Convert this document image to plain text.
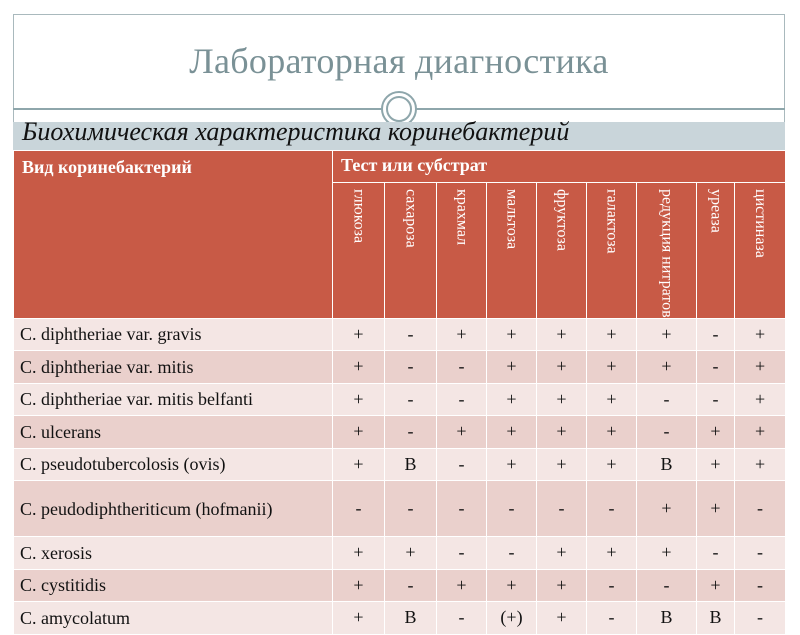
Лабораторная диагностика
Биохимическая характеристика коринебактерий
Вид коринебактерий	Тест или субстрат								

	глюкоза	сахароза	крахмал	мальтоза	фруктоза	галактоза	редукция нитратов	уреаза	цистиназа

C. diphtheriae var. gravis	+	-	+	+	+	+	+	-	+
C. diphtheriae var. mitis	+	-	-	+	+	+	+	-	+
C. diphtheriae var. mitis belfanti	+	-	-	+	+	+	-	-	+
C. ulcerans	+	-	+	+	+	+	-	+	+
C. pseudotubercolosis (ovis)	+	В	-	+	+	+	В	+	+
C. peudodiphtheriticum (hofmanii)	-	-	-	-	-	-	+	+	-
C. xerosis	+	+	-	-	+	+	+	-	-
C. cystitidis	+	-	+	+	+	-	-	+	-
C. amycolatum	+	В	-	(+)	+	-	В	В	-
